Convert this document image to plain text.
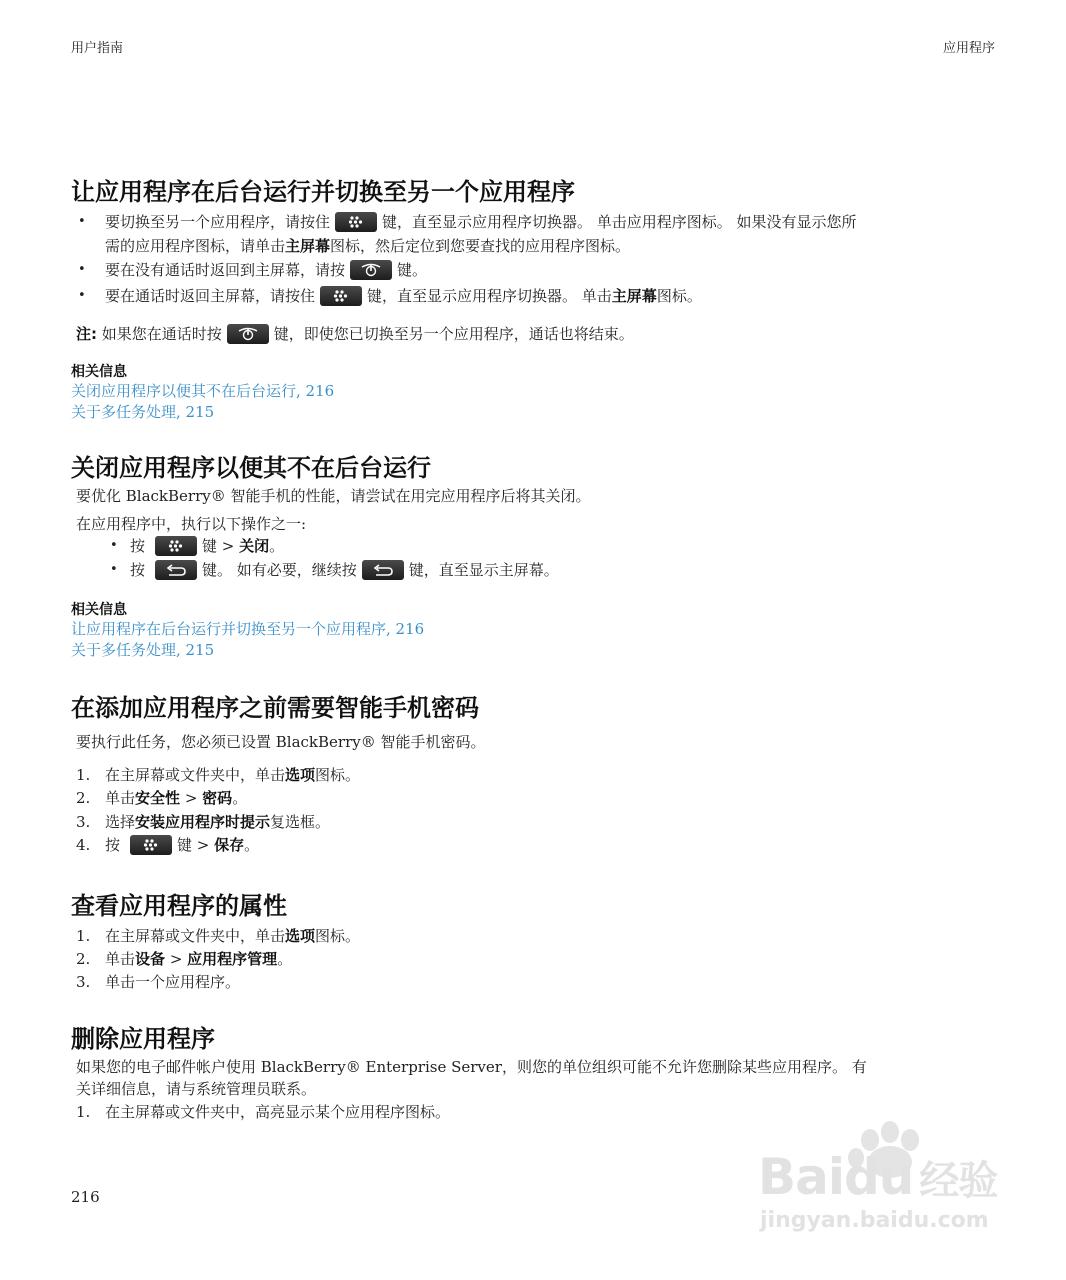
用户指南	应用程序
让应用程序在后台运行并切换至另一个应用程序
• 要切换至另一个应用程序，请按住	键，直至显示应用程序切换器。 单击应用程序图标。 如果没有显示您所
需的应用程序图标，请单击主屏幕图标，然后定位到您要查找的应用程序图标。
• 要在没有通话时返回到主屏幕，请按	键。
• 要在通话时返回主屏幕，请按住	键，直至显示应用程序切换器。 单击主屏幕图标。
注: 如果您在通话时按	键，即使您已切换至另一个应用程序，通话也将结束。
相关信息
关闭应用程序以便其不在后台运行, 216
关于多任务处理, 215
关闭应用程序以便其不在后台运行
要优化 BlackBerry® 智能手机的性能，请尝试在用完应用程序后将其关闭。
在应用程序中，执行以下操作之一:
• 按	键 > 关闭。
• 按	键。 如有必要，继续按	键，直至显示主屏幕。
相关信息
让应用程序在后台运行并切换至另一个应用程序, 216
关于多任务处理, 215
在添加应用程序之前需要智能手机密码
要执行此任务，您必须已设置 BlackBerry® 智能手机密码。
1. 在主屏幕或文件夹中，单击选项图标。
2. 单击安全性 > 密码。
3. 选择安装应用程序时提示复选框。
4. 按	键 > 保存。
查看应用程序的属性
1. 在主屏幕或文件夹中，单击选项图标。
2. 单击设备 > 应用程序管理。
3. 单击一个应用程序。
删除应用程序
如果您的电子邮件帐户使用 BlackBerry® Enterprise Server，则您的单位组织可能不允许您删除某些应用程序。 有
关详细信息，请与系统管理员联系。
1. 在主屏幕或文件夹中，高亮显示某个应用程序图标。
216	Baidu 经验
jingyan.baidu.com
